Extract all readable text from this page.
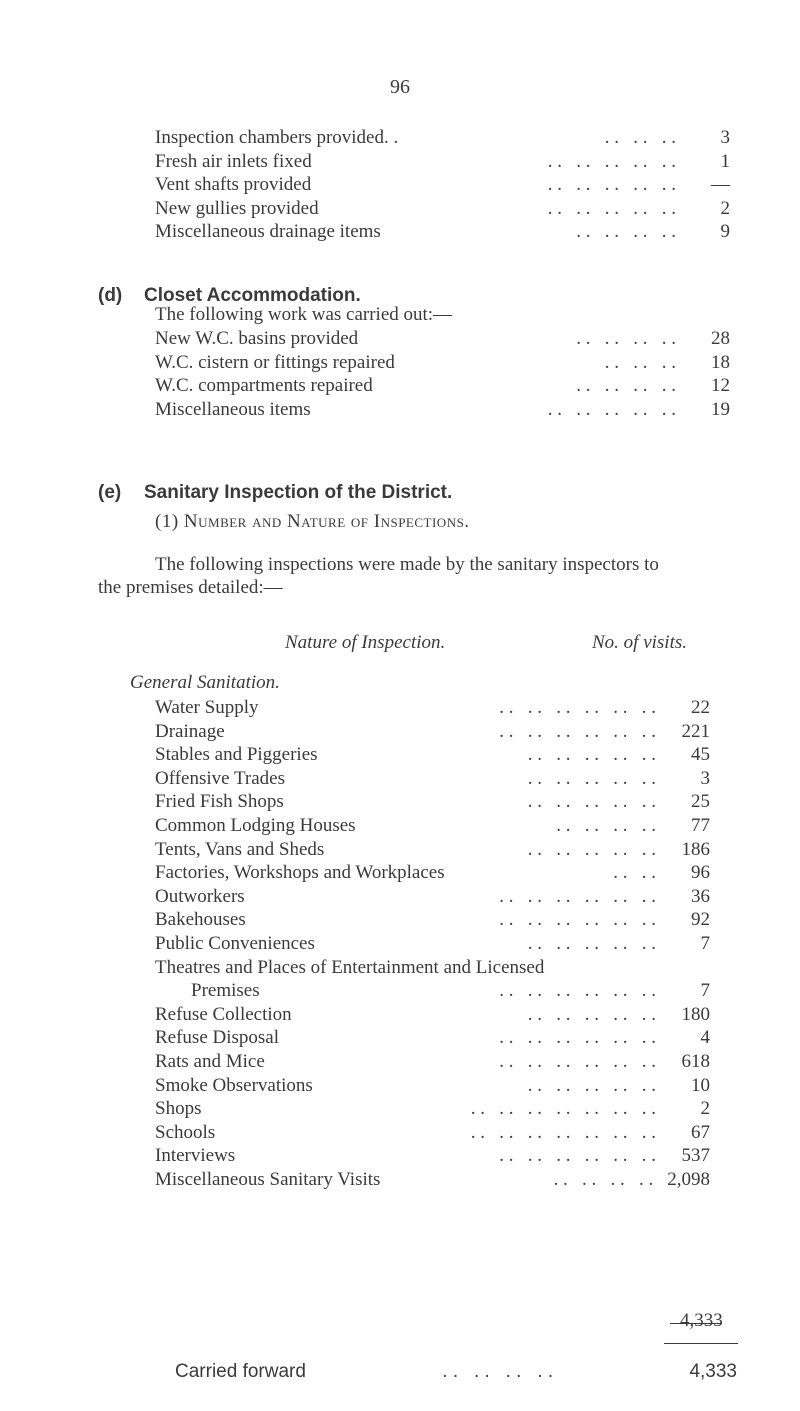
96
Inspection chambers provided. .	. .   . .   . .	3
Fresh air inlets fixed	. .   . .   . .   . .   . .	1
Vent shafts provided	. .   . .   . .   . .   . .	—
New gullies provided	. .   . .   . .   . .   . .	2
Miscellaneous drainage items	. .   . .   . .   . .	9
(d) Closet Accommodation.
The following work was carried out:—
New W.C. basins provided	. .   . .   . .   . .	28
W.C. cistern or fittings repaired	. .   . .   . .	18
W.C. compartments repaired	. .   . .   . .   . .	12
Miscellaneous items	. .   . .   . .   . .   . .	19
(e) Sanitary Inspection of the District.
(1) Number and Nature of Inspections.
The following inspections were made by the sanitary inspectors to
the premises detailed:—
Nature of Inspection.	No. of visits.
General Sanitation.
Water Supply	. .   . .   . .   . .   . .   . .	22
Drainage	. .   . .   . .   . .   . .   . .	221
Stables and Piggeries	. .   . .   . .   . .   . .	45
Offensive Trades	. .   . .   . .   . .   . .	3
Fried Fish Shops	. .   . .   . .   . .   . .	25
Common Lodging Houses	. .   . .   . .   . .	77
Tents, Vans and Sheds	. .   . .   . .   . .   . .	186
Factories, Workshops and Workplaces	. .   . .	96
Outworkers	. .   . .   . .   . .   . .   . .	36
Bakehouses	. .   . .   . .   . .   . .   . .	92
Public Conveniences	. .   . .   . .   . .   . .	7
Theatres and Places of Entertainment and Licensed
Premises	. .   . .   . .   . .   . .   . .	7
Refuse Collection	. .   . .   . .   . .   . .	180
Refuse Disposal	. .   . .   . .   . .   . .   . .	4
Rats and Mice	. .   . .   . .   . .   . .   . .	618
Smoke Observations	. .   . .   . .   . .   . .	10
Shops	. .   . .   . .   . .   . .   . .   . .	2
Schools	. .   . .   . .   . .   . .   . .   . .	67
Interviews	. .   . .   . .   . .   . .   . .	537
Miscellaneous Sanitary Visits	. .   . .   . .   . . 2,098
4,333
Carried forward	. .   . .   . .   . .	4,333
